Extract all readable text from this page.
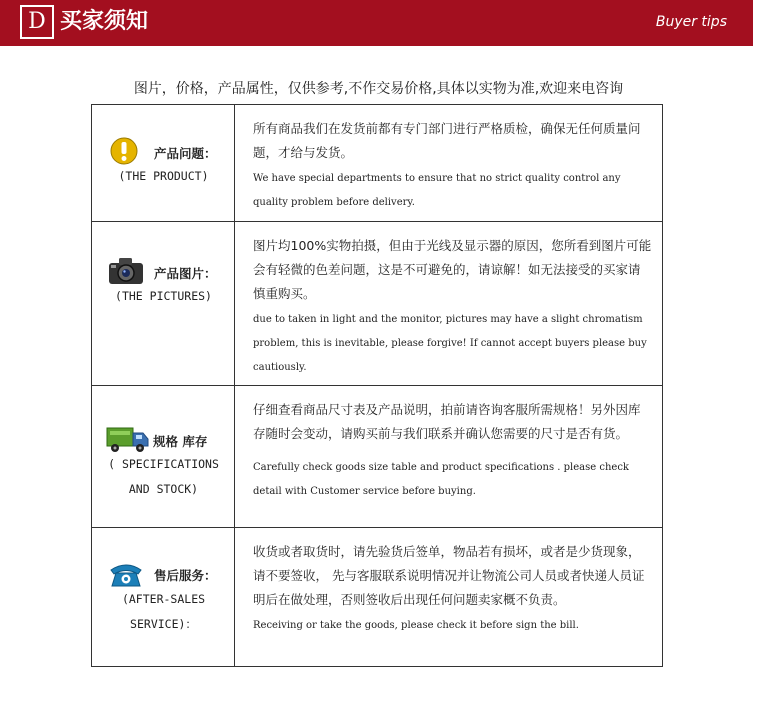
D 买家须知	Buyer tips
图片，价格，产品属性，仅供参考,不作交易价格,具体以实物为准,欢迎来电咨询
产品问题：
(THE PRODUCT)
所有商品我们在发货前都有专门部门进行严格质检，确保无任何质量问题，才给与发货。
We have special departments to ensure that no strict quality control any quality problem before delivery.
产品图片：
(THE PICTURES)
图片均100%实物拍摄，但由于光线及显示器的原因，您所看到图片可能会有轻微的色差问题，这是不可避免的，请谅解！如无法接受的买家请慎重购买。
due to taken in light and the monitor, pictures may have a slight chromatism problem, this is inevitable, please forgive! If cannot accept buyers please buy cautiously.
规格 库存
( SPECIFICATIONS
AND STOCK)
仔细查看商品尺寸表及产品说明，拍前请咨询客服所需规格！另外因库存随时会变动，请购买前与我们联系并确认您需要的尺寸是否有货。
Carefully check goods size table and product specifications . please check detail with Customer service before buying.
售后服务：
(AFTER-SALES
SERVICE)：
收货或者取货时，请先验货后签单，物品若有损坏，或者是少货现象，请不要签收， 先与客服联系说明情况并让物流公司人员或者快递人员证明后在做处理，否则签收后出现任何问题卖家概不负责。
Receiving or take the goods, please check it before sign the bill.
